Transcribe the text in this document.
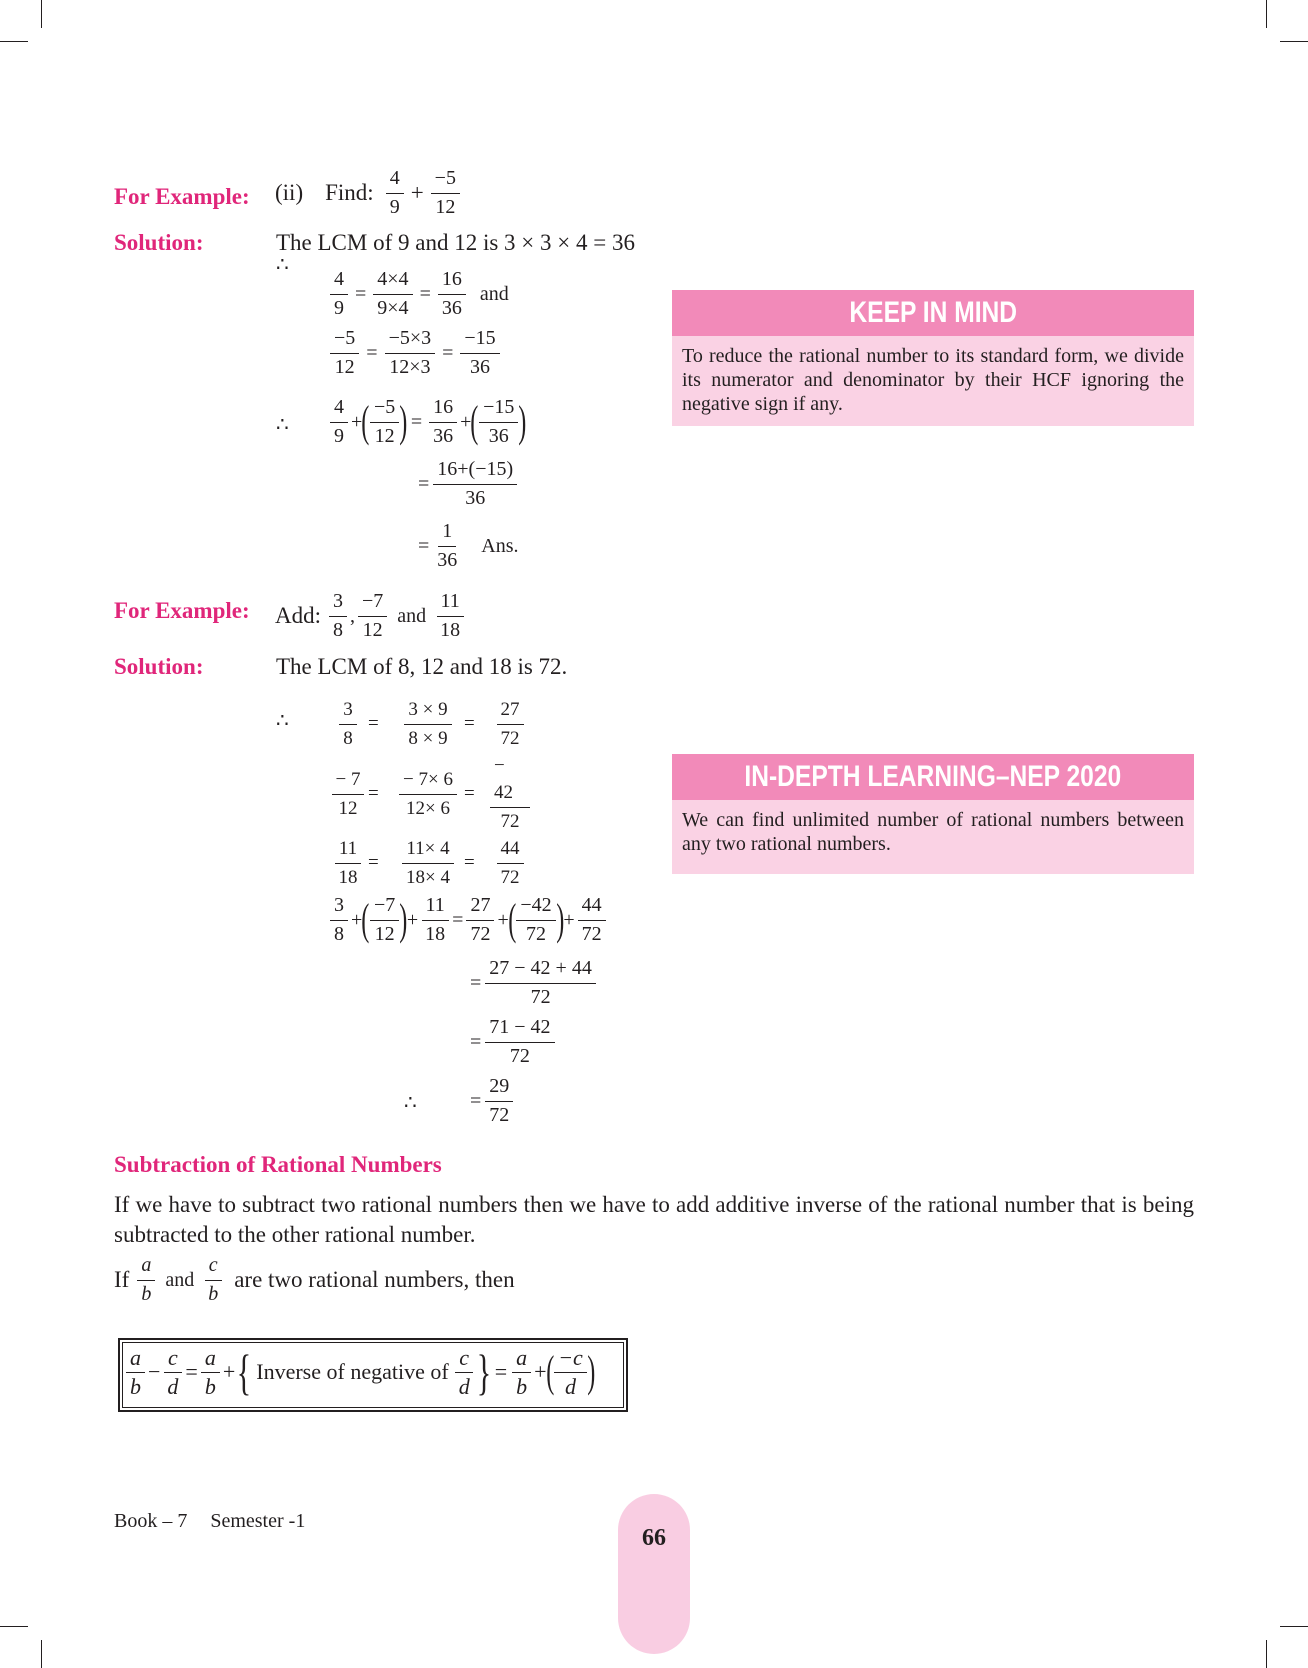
For Example: (ii) Find: $\frac{4}{9} + \frac{-5}{12}$
Solution:	The LCM of 9 and 12 is 3 × 3 × 4 = 36
∴
$\frac{4}{9} = \frac{4\times 4}{9\times 4} = \frac{16}{36}$ and
$\frac{-5}{12} = \frac{-5\times 3}{12\times 3} = \frac{-15}{36}$
∴ $\frac{4}{9}$ + ( $\frac{-5}{12}$ ) = $\frac{16}{36}$ + ( $\frac{-15}{36}$ )
= $\frac{16+(-15)}{36}$
= $\frac{1}{36}$ Ans.
KEEP IN MIND
To reduce the rational number to its standard form, we divide its numerator and denominator by their HCF ignoring the negative sign if any.
For Example: Add: $\frac{3}{8}$ , $\frac{-7}{12}$ and $\frac{11}{18}$
Solution:	The LCM of 8, 12 and 18 is 72.
∴ $\frac{3}{8} = \frac{3 \times 9}{8 \times 9} = \frac{27}{72}$
$\frac{- 7}{12} = \frac{- 7\times 6}{12\times 6} = \frac{- 42}{72}$
$\frac{11}{18} = \frac{11\times 4}{18\times 4} = \frac{44}{72}$
IN-DEPTH LEARNING–NEP 2020
We can find unlimited number of rational numbers between any two rational numbers.
$\frac{3}{8}$ + ( $\frac{-7}{12}$ ) + $\frac{11}{18} = \frac{27}{72}$ + ( $\frac{-42}{72}$ ) + $\frac{44}{72}$
= $\frac{27 - 42 + 44}{72}$
= $\frac{71 - 42}{72}$
∴	= $\frac{29}{72}$
Subtraction of Rational Numbers
If we have to subtract two rational numbers then we have to add additive inverse of the rational number that is being subtracted to the other rational number.
If $\frac{a}{b}$ and $\frac{c}{b}$ are two rational numbers, then
$\frac{a}{b} - \frac{c}{d} = \frac{a}{b}$ + { Inverse of negative of $\frac{c}{d}$ } = $\frac{a}{b}$ + ( $\frac{-c}{d}$ )
Book – 7 Semester -1
66
